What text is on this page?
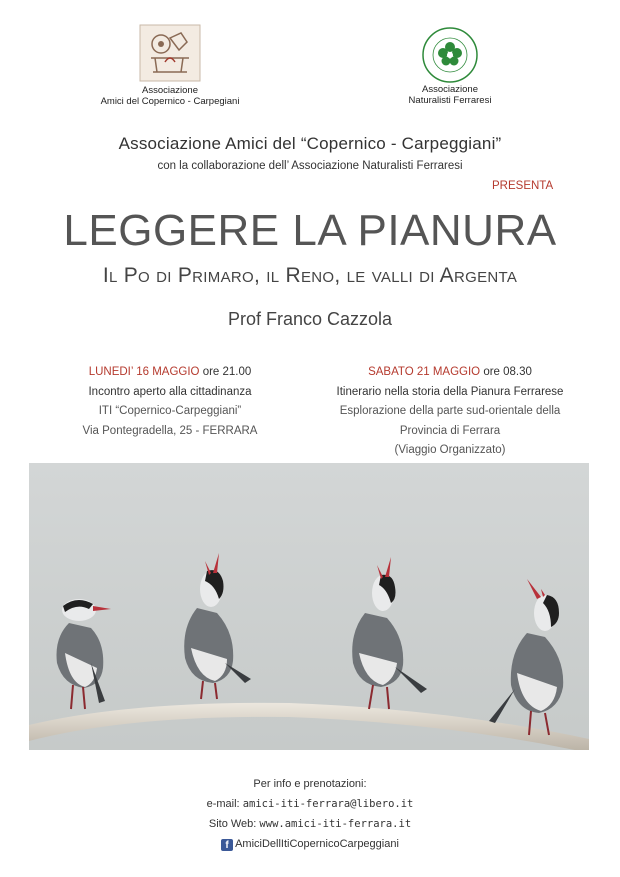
Associazione
Amici del Copernico - Carpegiani
Associazione
Naturalisti Ferraresi
Associazione Amici del “Copernico - Carpeggiani”
con la collaborazione dell’ Associazione Naturalisti Ferraresi
PRESENTA
LEGGERE LA PIANURA
Il Po di Primaro, il Reno, le valli di Argenta
Prof Franco Cazzola
LUNEDI’ 16 MAGGIO ore 21.00
Incontro aperto alla cittadinanza
ITI “Copernico-Carpeggiani”
Via Pontegradella, 25 - FERRARA
SABATO 21 MAGGIO ore 08.30
Itinerario nella storia della Pianura Ferrarese
Esplorazione della parte sud-orientale della
Provincia di Ferrara
(Viaggio Organizzato)
Per info e prenotazioni:
e-mail: amici-iti-ferrara@libero.it
Sito Web: www.amici-iti-ferrara.it
f AmiciDellItiCopernicoCarpeggiani
